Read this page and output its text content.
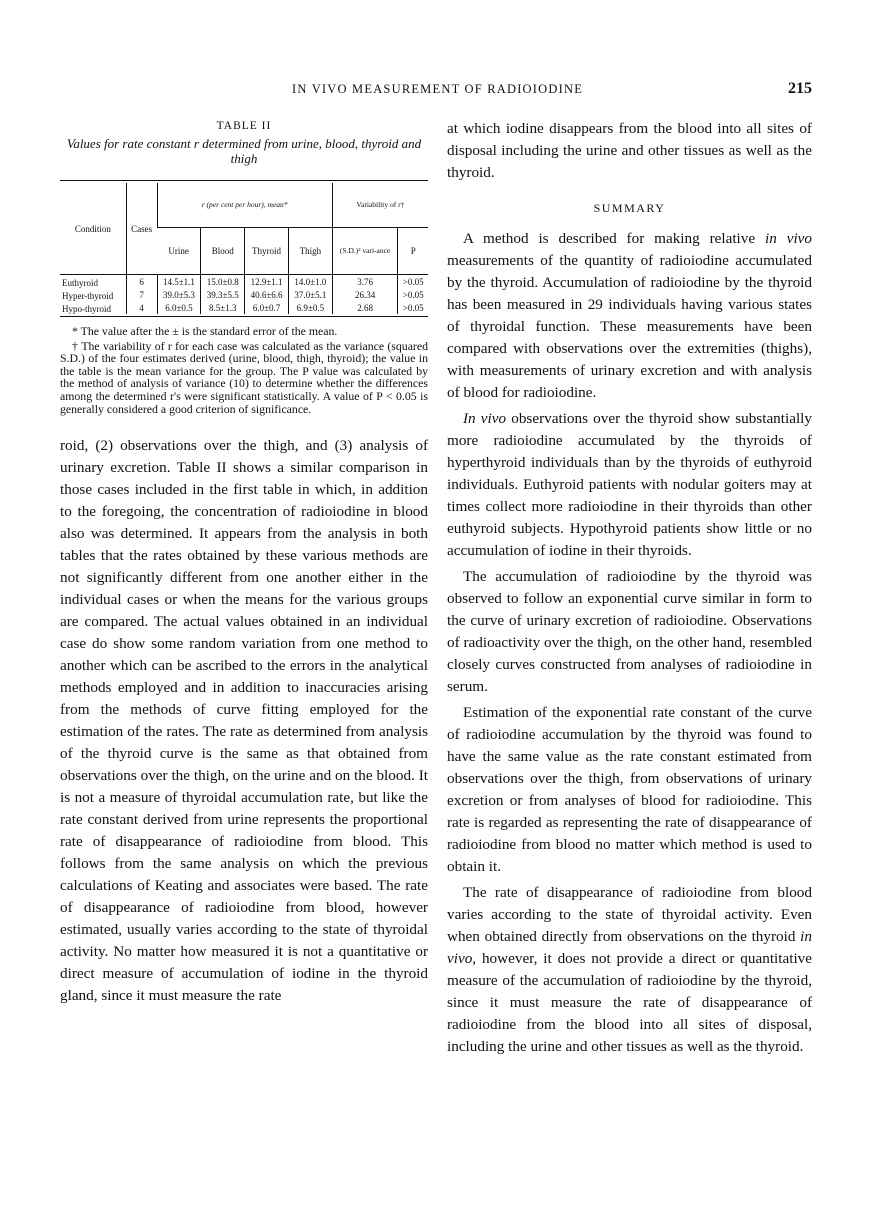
IN VIVO MEASUREMENT OF RADIOIODINE	215
TABLE II
Values for rate constant r determined from urine, blood, thyroid and thigh
Condition	Cases	r (per cent per hour), mean*				Variability of r†	
		Urine	Blood	Thyroid	Thigh	(S.D.)² vari-ance	P
Euthyroid	6	14.5±1.1	15.0±0.8	12.9±1.1	14.0±1.0	3.76	>0.05
Hyper-thyroid	7	39.0±5.3	39.3±5.5	40.6±6.6	37.0±5.1	26.34	>0.05
Hypo-thyroid	4	6.0±0.5	8.5±1.3	6.0±0.7	6.9±0.5	2.68	>0.05

* The value after the ± is the standard error of the mean.

† The variability of r for each case was calculated as the variance (squared S.D.) of the four estimates derived (urine, blood, thigh, thyroid); the value in the table is the mean variance for the group. The P value was calculated by the method of analysis of variance (10) to determine whether the differences among the determined r's were significant statistically. A value of P < 0.05 is generally considered a good criterion of significance.

roid, (2) observations over the thigh, and (3) analysis of urinary excretion. Table II shows a similar comparison in those cases included in the first table in which, in addition to the foregoing, the concentration of radioiodine in blood also was determined. It appears from the analysis in both tables that the rates obtained by these various methods are not significantly different from one another either in the individual cases or when the means for the various groups are compared. The actual values obtained in an individual case do show some random variation from one method to another which can be ascribed to the errors in the analytical methods employed and in addition to inaccuracies arising from the methods of curve fitting employed for the estimation of the rates. The rate as determined from analysis of the thyroid curve is the same as that obtained from observations over the thigh, on the urine and on the blood. It is not a measure of thyroidal accumulation rate, but like the rate constant derived from urine represents the proportional rate of disappearance of radioiodine from blood. This follows from the same analysis on which the previous calculations of Keating and associates were based. The rate of disappearance of radioiodine from blood, however estimated, usually varies according to the state of thyroidal activity. No matter how measured it is not a quantitative or direct measure of accumulation of iodine in the thyroid gland, since it must measure the rate

at which iodine disappears from the blood into all sites of disposal including the urine and other tissues as well as the thyroid.

SUMMARY

A method is described for making relative in vivo measurements of the quantity of radioiodine accumulated by the thyroid. Accumulation of radioiodine by the thyroid has been measured in 29 individuals having various states of thyroidal function. These measurements have been compared with observations over the extremities (thighs), with measurements of urinary excretion and with analysis of blood for radioiodine.

In vivo observations over the thyroid show substantially more radioiodine accumulated by the thyroids of hyperthyroid individuals than by the thyroids of euthyroid individuals. Euthyroid patients with nodular goiters may at times collect more radioiodine in their thyroids than other euthyroid subjects. Hypothyroid patients show little or no accumulation of iodine in their thyroids.

The accumulation of radioiodine by the thyroid was observed to follow an exponential curve similar in form to the curve of urinary excretion of radioiodine. Observations of radioactivity over the thigh, on the other hand, resembled closely curves constructed from analyses of radioiodine in serum.

Estimation of the exponential rate constant of the curve of radioiodine accumulation by the thyroid was found to have the same value as the rate constant estimated from observations over the thigh, from observations of urinary excretion or from analyses of blood for radioiodine. This rate is regarded as representing the rate of disappearance of radioiodine from blood no matter which method is used to obtain it.

The rate of disappearance of radioiodine from blood varies according to the state of thyroidal activity. Even when obtained directly from observations on the thyroid in vivo, however, it does not provide a direct or quantitative measure of the accumulation of radioiodine by the thyroid, since it must measure the rate of disappearance of radioiodine from the blood into all sites of disposal, including the urine and other tissues as well as the thyroid.
